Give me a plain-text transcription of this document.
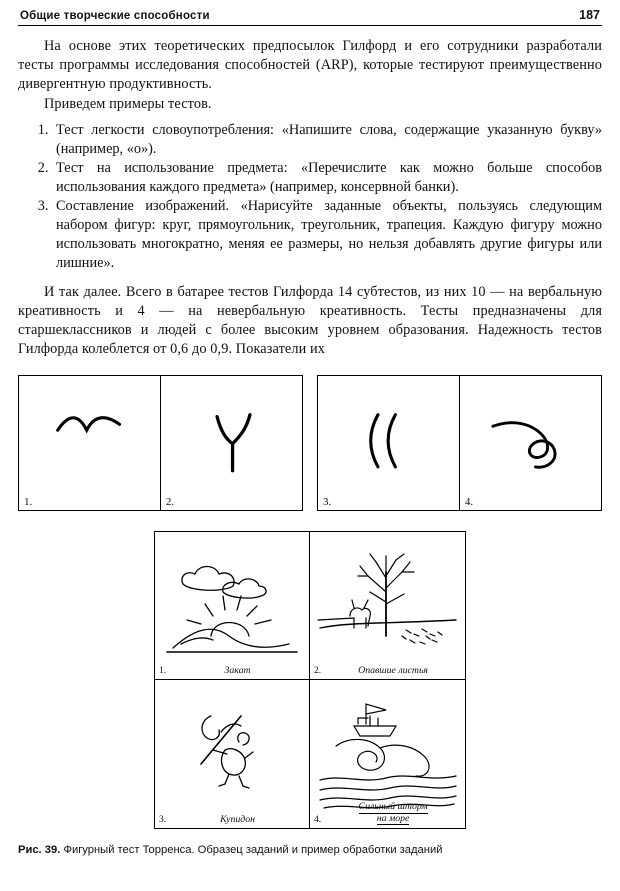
Общие творческие способности	187

На основе этих теоретических предпосылок Гилфорд и его сотрудники разработали тесты программы исследования способностей (ARP), которые тестируют преимущественно дивергентную продуктивность.

Приведем примеры тестов.

1. Тест легкости словоупотребления: «Напишите слова, содержащие указанную букву» (например, «о»).
2. Тест на использование предмета: «Перечислите как можно больше способов использования каждого предмета» (например, консервной банки).
3. Составление изображений. «Нарисуйте заданные объекты, пользуясь следующим набором фигур: круг, прямоугольник, треугольник, трапеция. Каждую фигуру можно использовать многократно, меняя ее размеры, но нельзя добавлять другие фигуры или лишние».

И так далее. Всего в батарее тестов Гилфорда 14 субтестов, из них 10 — на вербальную креативность и 4 — на невербальную креативность. Тесты предназначены для старшеклассников и людей с более высоким уровнем образования. Надежность тестов Гилфорда колеблется от 0,6 до 0,9. Показатели их

1.	2.	3.	4.
1.	Закат	2.	Опавшие листья
3.	Купидон	4.
Сильный шторм
на море
Рис. 39. Фигурный тест Торренса. Образец заданий и пример обработки заданий
